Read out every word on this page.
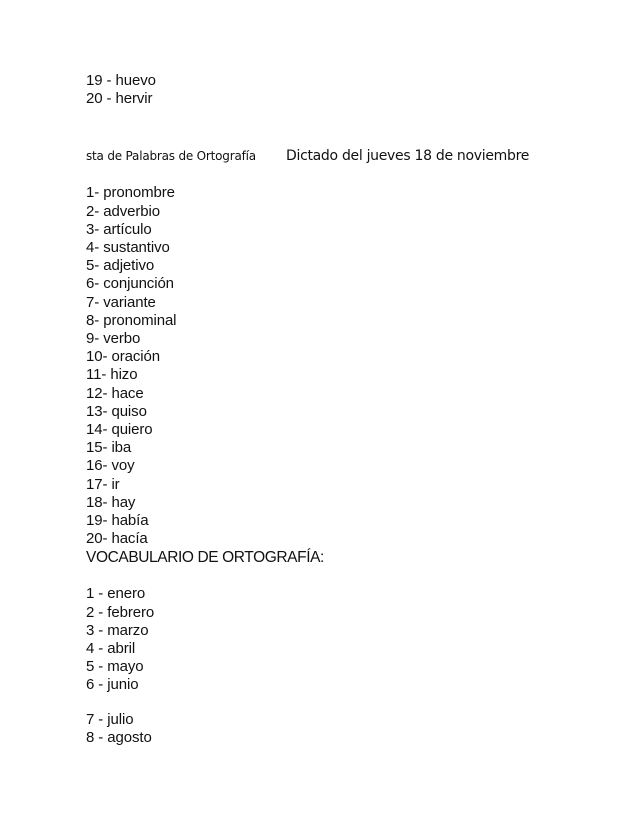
19 - huevo
20 - hervir
sta de Palabras de Ortografía	Dictado del jueves 18 de noviembre
1- pronombre
2- adverbio
3- artículo
4- sustantivo
5- adjetivo
6- conjunción
7- variante
8- pronominal
9- verbo
10- oración
11- hizo
12- hace
13- quiso
14- quiero
15- iba
16- voy
17- ir
18- hay
19- había
20- hacía
VOCABULARIO DE ORTOGRAFÍA:
1 - enero
2 - febrero
3 - marzo
4 - abril
5 - mayo
6 - junio
7 - julio
8 - agosto
